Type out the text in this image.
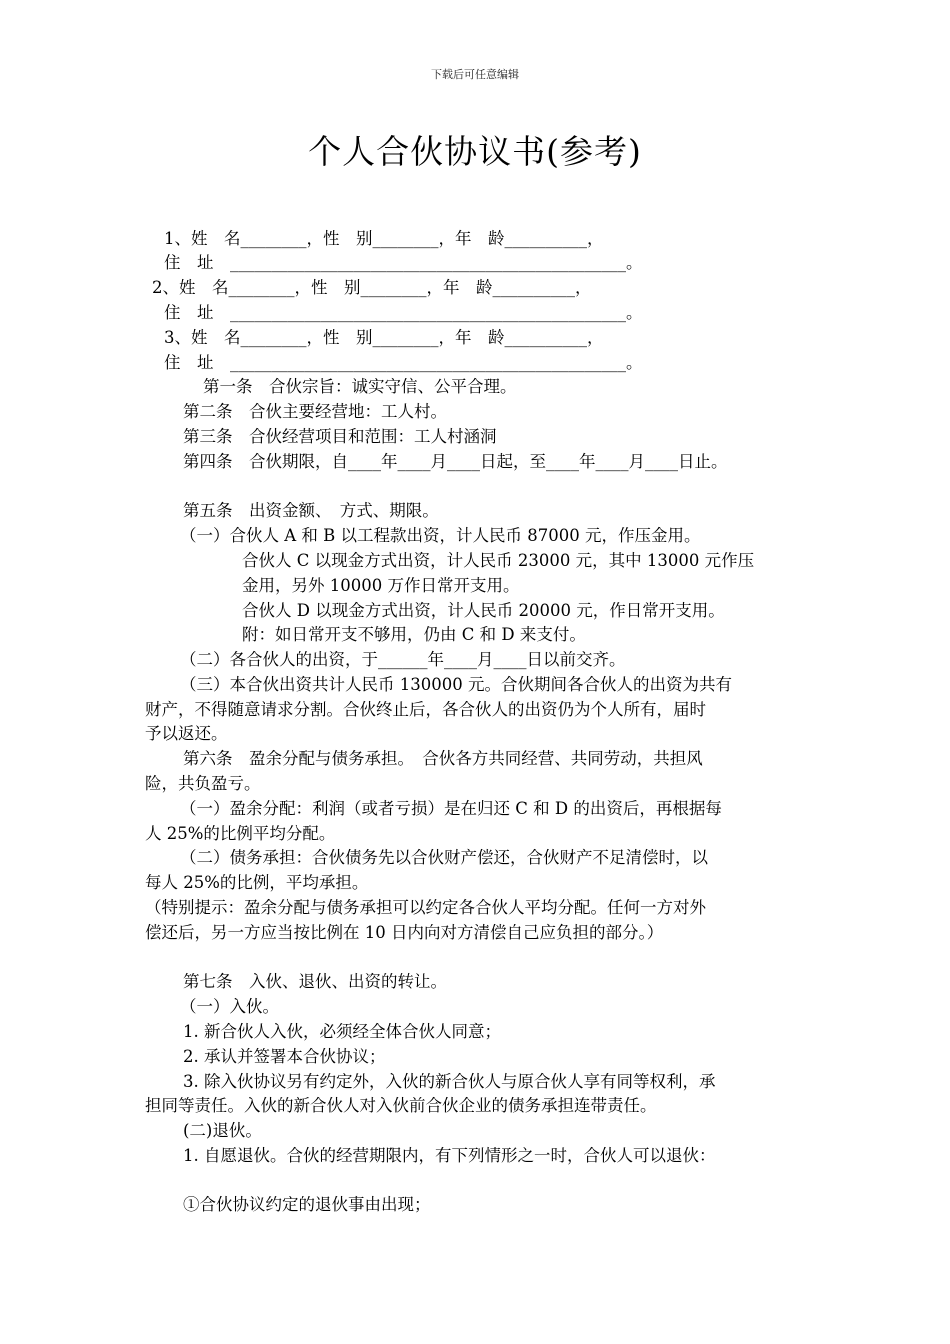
下载后可任意编辑
个人合伙协议书(参考)
1、姓　名________，性　别________，年　龄__________，
住　址　________________________________________________。
2、姓　名________，性　别________，年　龄__________，
住　址　________________________________________________。
3、姓　名________，性　别________，年　龄__________，
住　址　________________________________________________。
第一条　合伙宗旨：诚实守信、公平合理。
第二条　合伙主要经营地：工人村。
第三条　合伙经营项目和范围：工人村涵洞
第四条　合伙期限，自____年____月____日起，至____年____月____日止。
第五条　出资金额、　方式、期限。
（一）合伙人 A 和 B 以工程款出资，计人民币 87000 元，作压金用。
合伙人 C 以现金方式出资，计人民币 23000 元，其中 13000 元作压
金用，另外 10000 万作日常开支用。
合伙人 D 以现金方式出资，计人民币 20000 元，作日常开支用。
附：如日常开支不够用，仍由 C 和 D 来支付。
（二）各合伙人的出资，于______年____月____日以前交齐。
（三）本合伙出资共计人民币 130000 元。合伙期间各合伙人的出资为共有
财产，不得随意请求分割。合伙终止后，各合伙人的出资仍为个人所有，届时
予以返还。
第六条　盈余分配与债务承担。　合伙各方共同经营、共同劳动，共担风
险，共负盈亏。
（一）盈余分配：利润（或者亏损）是在归还 C 和 D 的出资后，再根据每
人 25%的比例平均分配。
（二）债务承担：合伙债务先以合伙财产偿还，合伙财产不足清偿时，以
每人 25%的比例，平均承担。
（特别提示：盈余分配与债务承担可以约定各合伙人平均分配。任何一方对外
偿还后，另一方应当按比例在 10 日内向对方清偿自己应负担的部分。）
第七条　入伙、退伙、出资的转让。
（一）入伙。
1. 新合伙人入伙，必须经全体合伙人同意；
2. 承认并签署本合伙协议；
3. 除入伙协议另有约定外，入伙的新合伙人与原合伙人享有同等权利，承
担同等责任。入伙的新合伙人对入伙前合伙企业的债务承担连带责任。
(二)退伙。
1. 自愿退伙。合伙的经营期限内，有下列情形之一时，合伙人可以退伙：
①合伙协议约定的退伙事由出现；
